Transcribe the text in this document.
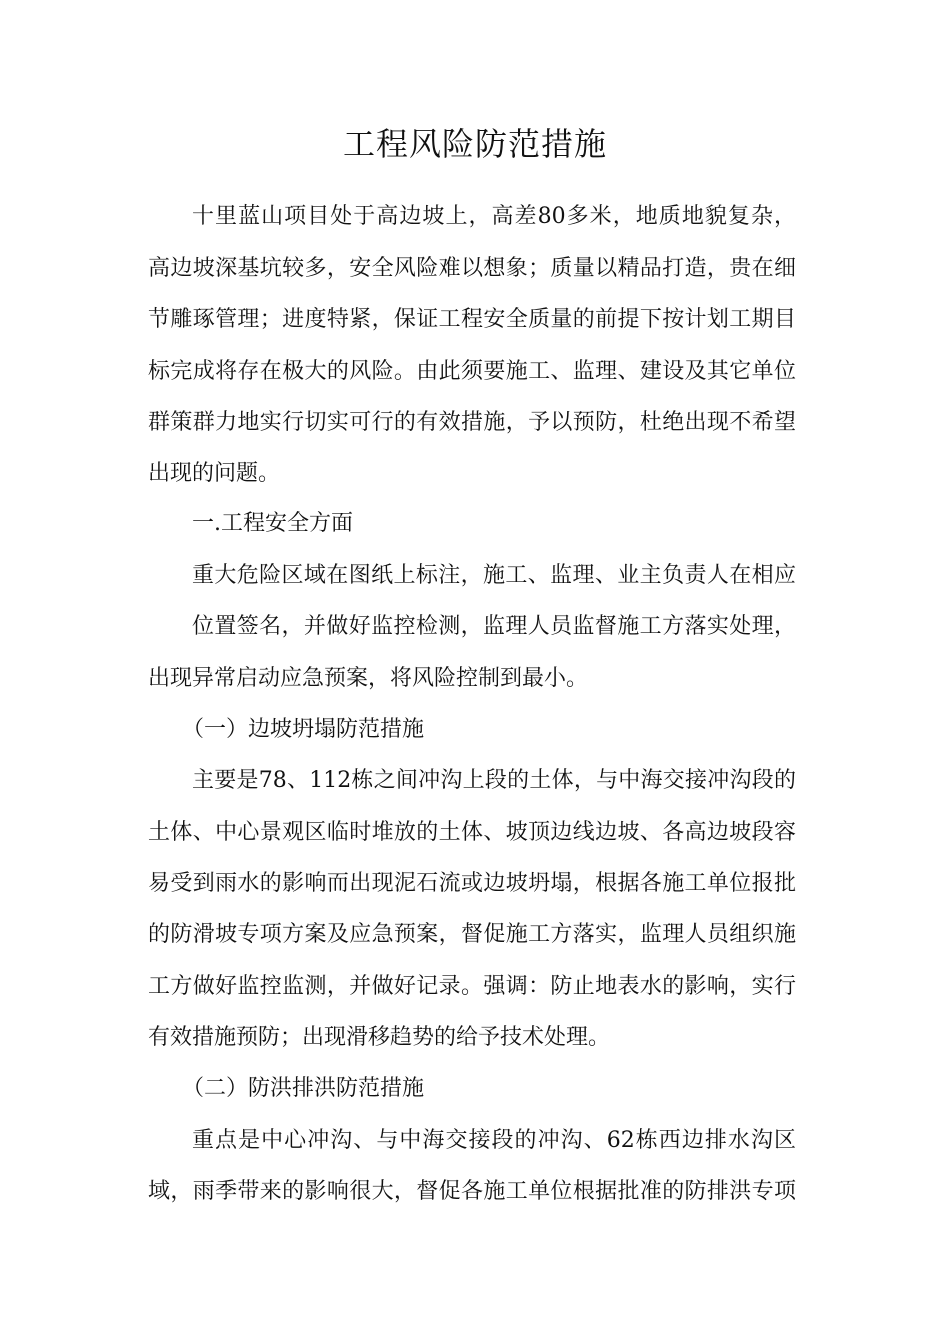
工程风险防范措施
十里蓝山项目处于高边坡上，高差80多米，地质地貌复杂，
高边坡深基坑较多，安全风险难以想象；质量以精品打造，贵在细
节雕琢管理；进度特紧，保证工程安全质量的前提下按计划工期目
标完成将存在极大的风险。由此须要施工、监理、建设及其它单位
群策群力地实行切实可行的有效措施，予以预防，杜绝出现不希望
出现的问题。
一.工程安全方面
重大危险区域在图纸上标注，施工、监理、业主负责人在相应
位置签名，并做好监控检测，监理人员监督施工方落实处理，
出现异常启动应急预案，将风险控制到最小。
（一）边坡坍塌防范措施
主要是78、112栋之间冲沟上段的土体，与中海交接冲沟段的
土体、中心景观区临时堆放的土体、坡顶边线边坡、各高边坡段容
易受到雨水的影响而出现泥石流或边坡坍塌，根据各施工单位报批
的防滑坡专项方案及应急预案，督促施工方落实，监理人员组织施
工方做好监控监测，并做好记录。强调：防止地表水的影响，实行
有效措施预防；出现滑移趋势的给予技术处理。
（二）防洪排洪防范措施
重点是中心冲沟、与中海交接段的冲沟、62栋西边排水沟区
域，雨季带来的影响很大，督促各施工单位根据批准的防排洪专项
